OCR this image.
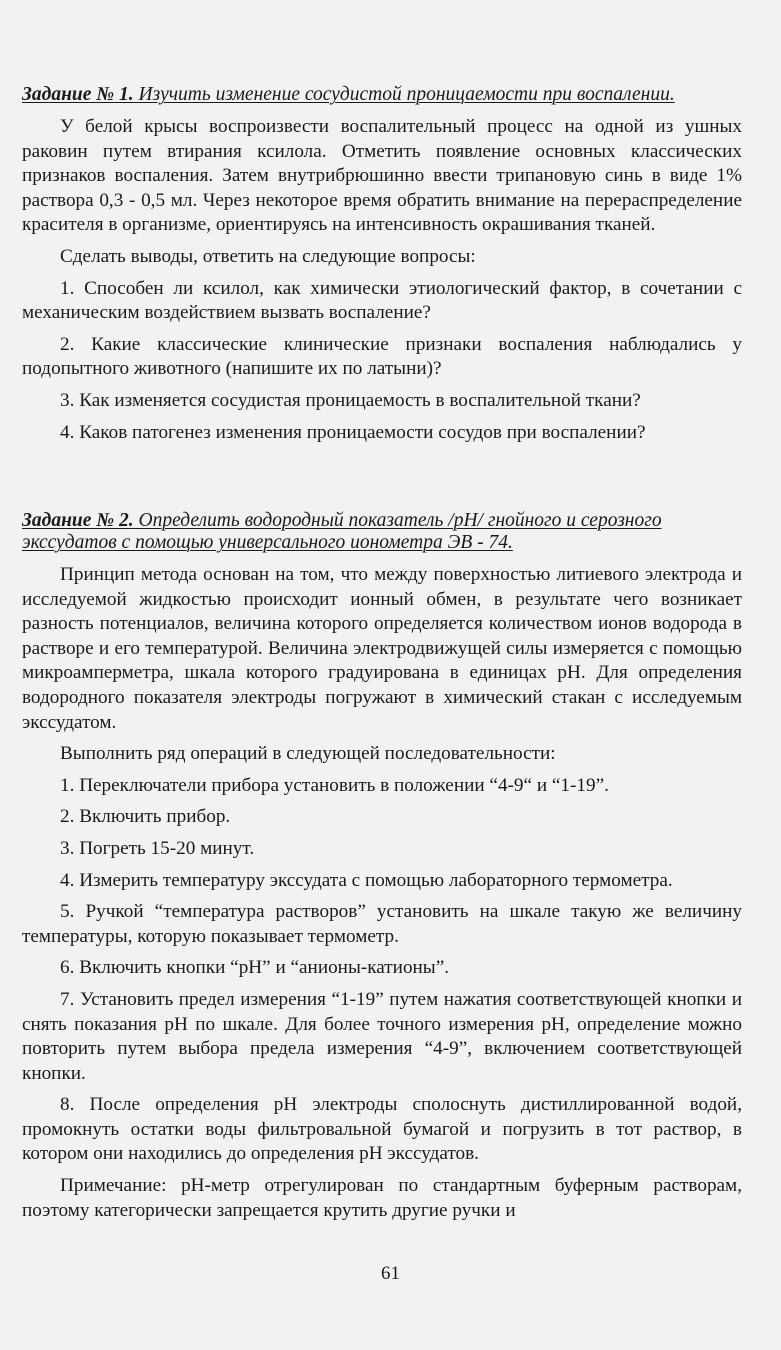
Задание № 1. Изучить изменение сосудистой проницаемости при воспалении.

У белой крысы воспроизвести воспалительный процесс на одной из ушных раковин путем втирания ксилола. Отметить появление основных классических признаков воспаления. Затем внутрибрюшинно ввести трипановую синь в виде 1% раствора 0,3 - 0,5 мл. Через некоторое время обратить внимание на перераспределение красителя в организме, ориентируясь на интенсивность окрашивания тканей.

Сделать выводы, ответить на следующие вопросы:

1. Способен ли ксилол, как химически этиологический фактор, в сочетании с механическим воздействием вызвать воспаление?

2. Какие классические клинические признаки воспаления наблюдались у подопытного животного (напишите их по латыни)?

3. Как изменяется сосудистая проницаемость в воспалительной ткани?

4. Каков патогенез изменения проницаемости сосудов при воспалении?

Задание № 2. Определить водородный показатель /рН/ гнойного и серозного экссудатов с помощью универсального ионометра ЭВ - 74.

Принцип метода основан на том, что между поверхностью литиевого электрода и исследуемой жидкостью происходит ионный обмен, в результате чего возникает разность потенциалов, величина которого определяется количеством ионов водорода в растворе и его температурой. Величина электродвижущей силы измеряется с помощью микроамперметра, шкала которого градуирована в единицах рН. Для определения водородного показателя электроды погружают в химический стакан с исследуемым экссудатом.

Выполнить ряд операций в следующей последовательности:

1. Переключатели прибора установить в положении “4-9“ и “1-19”.

2. Включить прибор.

3. Погреть 15-20 минут.

4. Измерить температуру экссудата с помощью лабораторного термометра.

5. Ручкой “температура растворов” установить на шкале такую же величину температуры, которую показывает термометр.

6. Включить кнопки “рН” и “анионы-катионы”.

7. Установить предел измерения “1-19” путем нажатия соответствующей кнопки и снять показания рН по шкале. Для более точного измерения рН, определение можно повторить путем выбора предела измерения “4-9”, включением соответствующей кнопки.

8. После определения рН электроды сполоснуть дистиллированной водой, промокнуть остатки воды фильтровальной бумагой и погрузить в тот раствор, в котором они находились до определения рН экссудатов.

Примечание: рН-метр отрегулирован по стандартным буферным растворам, поэтому категорически запрещается крутить другие ручки и

61
